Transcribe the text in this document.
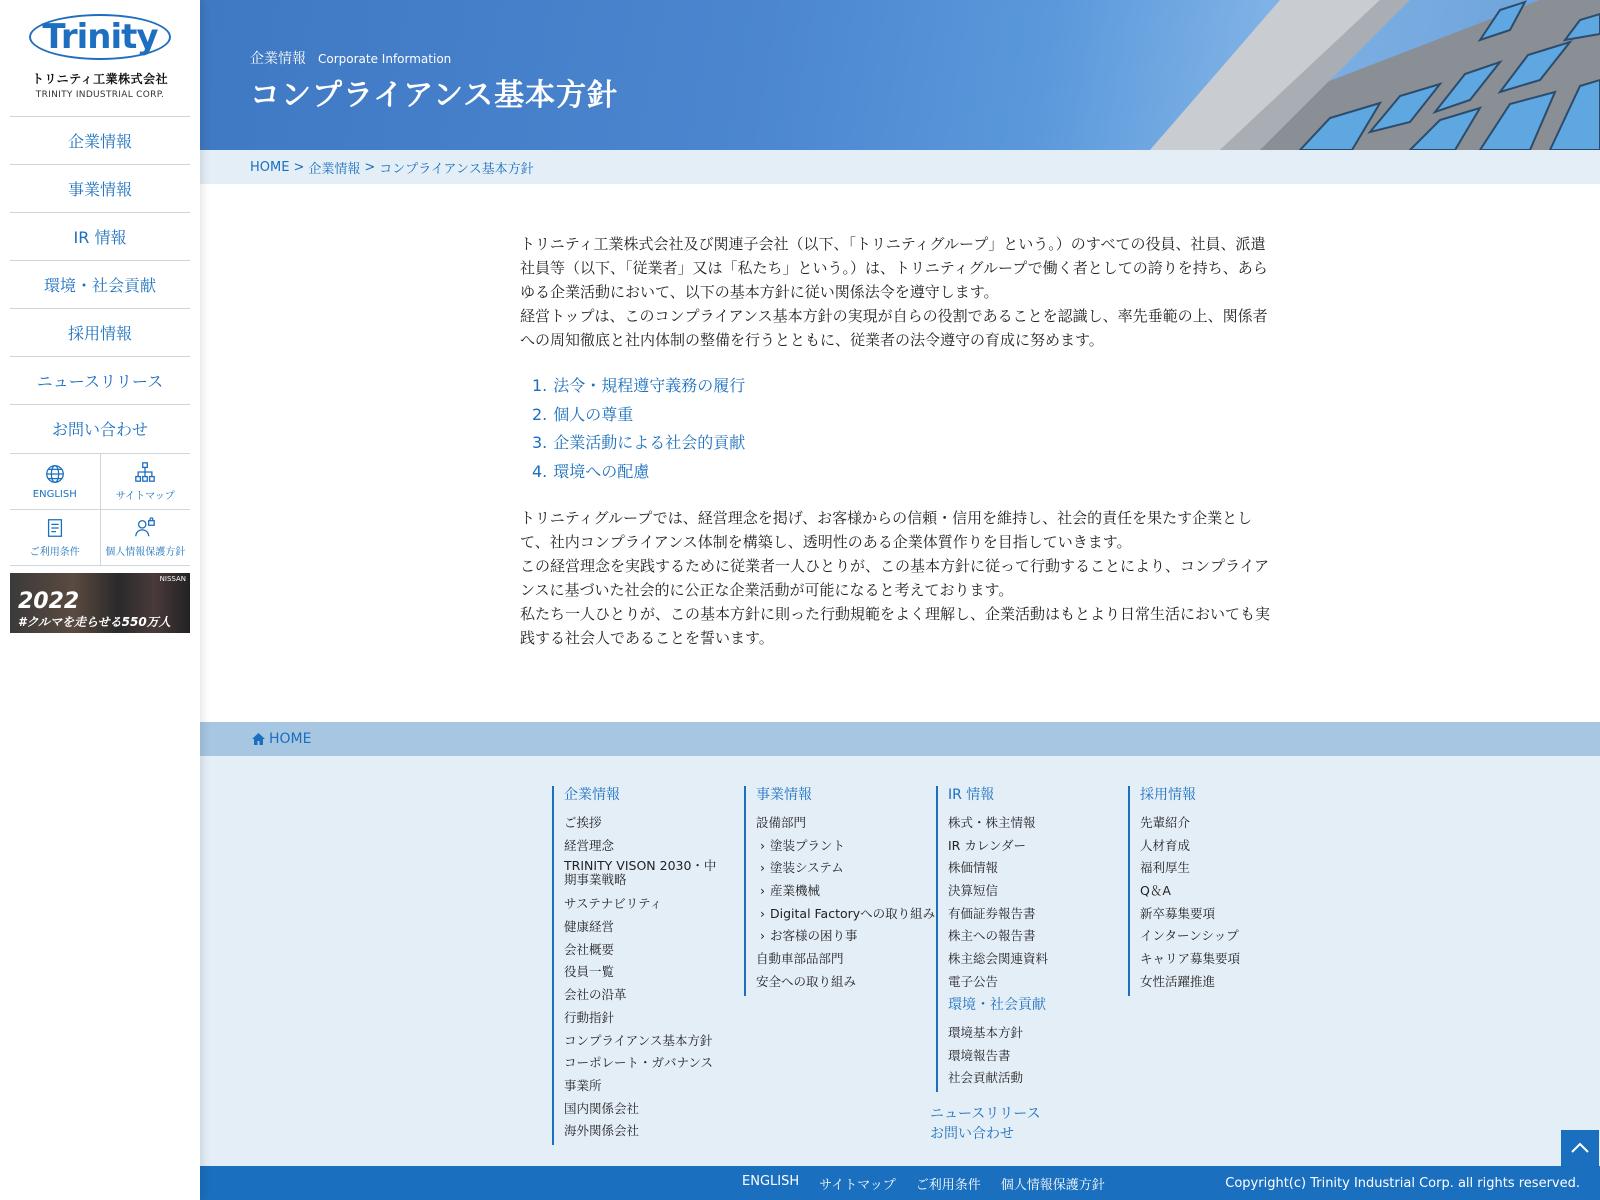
Trinity
トリニティ工業株式会社
TRINITY INDUSTRIAL CORP.
企業情報
事業情報
IR 情報
環境・社会貢献
採用情報
ニュースリリース
お問い合わせ
ENGLISH	サイトマップ
ご利用条件	個人情報保護方針
NISSAN
2022
#クルマを走らせる550万人
企業情報 Corporate Information
コンプライアンス基本方針
HOME > 企業情報 > コンプライアンス基本方針

トリニティ工業株式会社及び関連子会社（以下、「トリニティグループ」という。）のすべての役員、社員、派遣社員等（以下、「従業者」又は「私たち」という。）は、トリニティグループで働く者としての誇りを持ち、あらゆる企業活動において、以下の基本方針に従い関係法令を遵守します。

経営トップは、このコンプライアンス基本方針の実現が自らの役割であることを認識し、率先垂範の上、関係者への周知徹底と社内体制の整備を行うとともに、従業者の法令遵守の育成に努めます。

1. 法令・規程遵守義務の履行
2. 個人の尊重
3. 企業活動による社会的貢献
4. 環境への配慮

トリニティグループでは、経営理念を掲げ、お客様からの信頼・信用を維持し、社会的責任を果たす企業として、社内コンプライアンス体制を構築し、透明性のある企業体質作りを目指していきます。

この経営理念を実践するために従業者一人ひとりが、この基本方針に従って行動することにより、コンプライアンスに基づいた社会的に公正な企業活動が可能になると考えております。

私たち一人ひとりが、この基本方針に則った行動規範をよく理解し、企業活動はもとより日常生活においても実践する社会人であることを誓います。

HOME
企業情報
ご挨拶
経営理念
TRINITY VISON 2030・中期事業戦略
サステナビリティ
健康経営
会社概要
役員一覧
会社の沿革
行動指針
コンプライアンス基本方針
コーポレート・ガバナンス
事業所
国内関係会社
海外関係会社
事業情報
設備部門
› 塗装プラント
› 塗装システム
› 産業機械
› Digital Factoryへの取り組み
› お客様の困り事
自動車部品部門
安全への取り組み
IR 情報
株式・株主情報
IR カレンダー
株価情報
決算短信
有価証券報告書
株主への報告書
株主総会関連資料
電子公告
環境・社会貢献
環境基本方針
環境報告書
社会貢献活動
ニュースリリース
お問い合わせ
採用情報
先輩紹介
人材育成
福利厚生
Q＆A
新卒募集要項
インターンシップ
キャリア募集要項
女性活躍推進
ENGLISH サイトマップ ご利用条件 個人情報保護方針	Copyright(c) Trinity Industrial Corp. all rights reserved.
